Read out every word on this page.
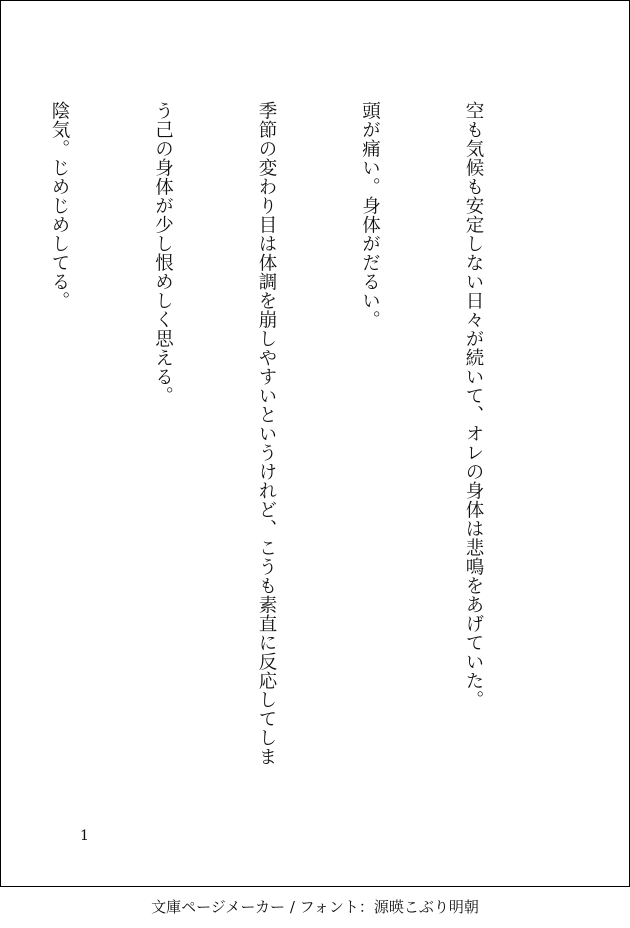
空も気候も安定しない日々が続いて、オレの身体は悲鳴をあげていた。

頭が痛い。身体がだるい。

季節の変わり目は体調を崩しやすいというけれど、こうも素直に反応してしま

う己の身体が少し恨めしく思える。

陰気。じめじめしてる。

1
文庫ページメーカー / フォント：源暎こぶり明朝
